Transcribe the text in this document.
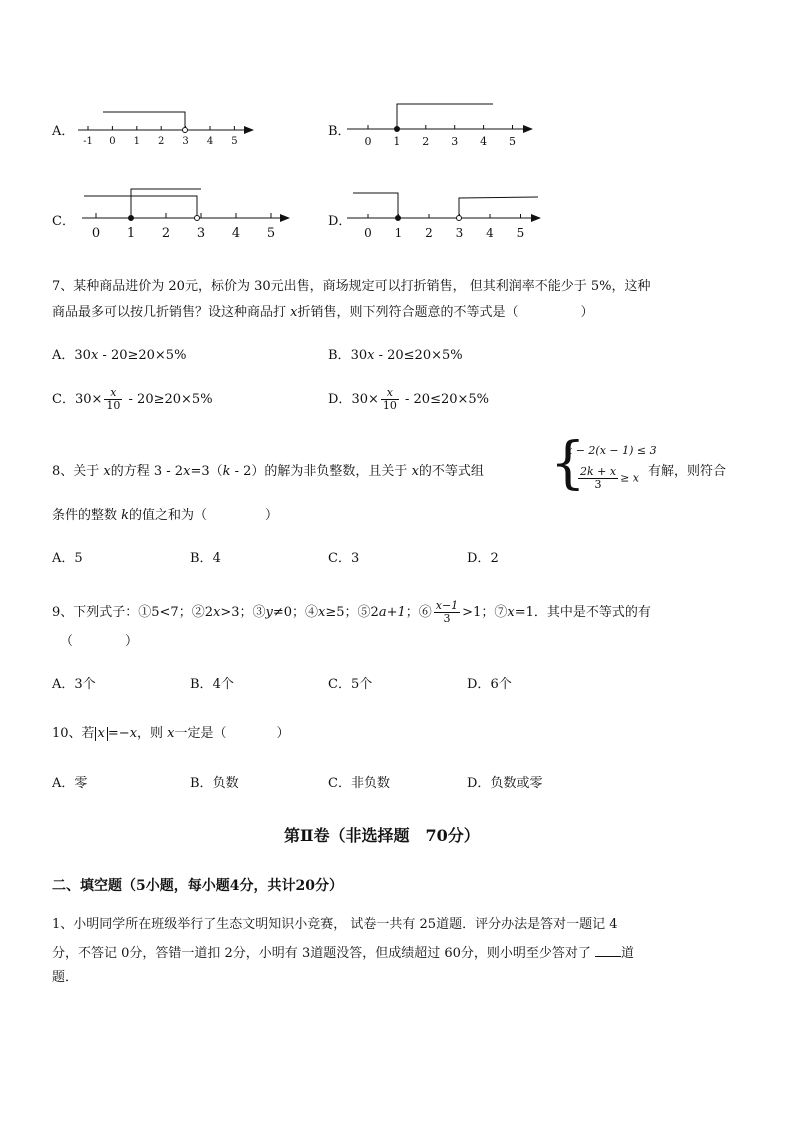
A．
-1 0 1 2 3 4 5
B．
0 1 2 3 4 5
C．
0 1 2 3 4 5
D．
0 1 2 3 4 5
7、某种商品进价为 20元，标价为 30元出售，商场规定可以打折销售， 但其利润率不能少于 5%，这种
商品最多可以按几折销售？设这种商品打 x折销售，则下列符合题意的不等式是（	）
A．30x - 20≥20×5%	B．30x - 20≤20×5%
C．$30\times \frac{x}{10} - 20\ge 20\times 5\%$	D．$30\times \frac{x}{10} - 20\le 20\times 5\%$
8、关于 x的方程 3 - 2x=3（k - 2）的解为非负整数，且关于 x的不等式组 {
x − 2(x − 1) ≤ 3
$\frac{2k + x}{3} \ge x$ 有解，则符合
条件的整数 k的值之和为（	）
A．5	B．4	C．3	D．2
9、下列式子：①5<7；②2x>3；③y≠0；④x≥5；⑤2a+1；⑥ $\frac{x-1}{3} >1$；⑦x=1．其中是不等式的有
（	）
A．3个	B．4个	C．5个	D．6个
10、若 x =−x，则 x一定是（	）
A．零	B．负数	C．非负数	D．负数或零
第Ⅱ卷（非选择题　70分）
二、填空题（5小题，每小题4分，共计20分）
1、小明同学所在班级举行了生态文明知识小竞赛， 试卷一共有 25道题．评分办法是答对一题记 4
分，不答记 0分，答错一道扣 2分，小明有 3道题没答，但成绩超过 60分，则小明至少答对了 道
题．
